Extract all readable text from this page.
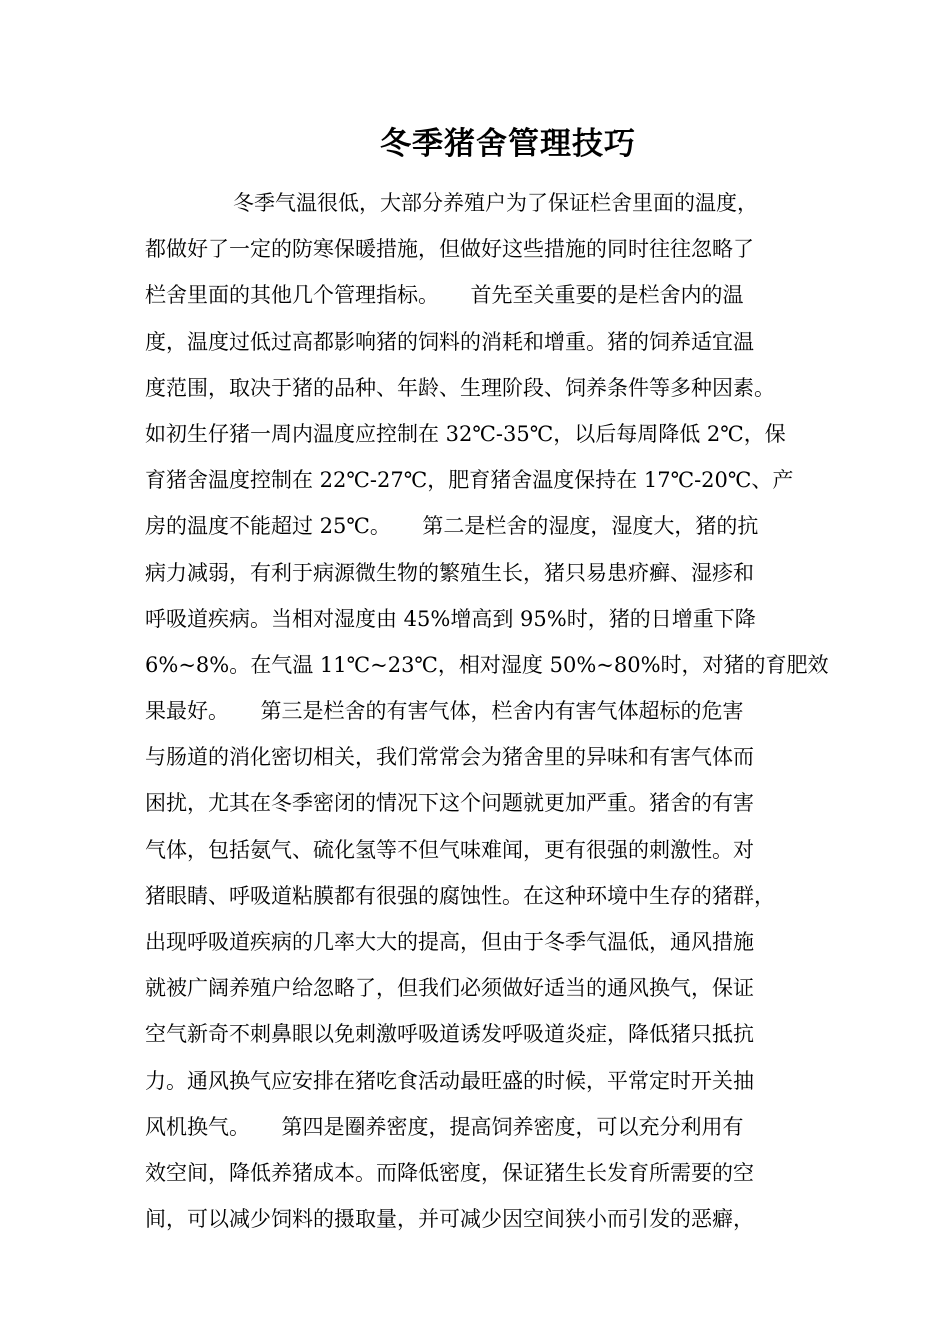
冬季猪舍管理技巧
冬季气温很低，大部分养殖户为了保证栏舍里面的温度，
都做好了一定的防寒保暖措施，但做好这些措施的同时往往忽略了
栏舍里面的其他几个管理指标。　　首先至关重要的是栏舍内的温
度，温度过低过高都影响猪的饲料的消耗和增重。猪的饲养适宜温
度范围，取决于猪的品种、年龄、生理阶段、饲养条件等多种因素。
如初生仔猪一周内温度应控制在 32℃-35℃，以后每周降低 2℃，保
育猪舍温度控制在 22℃-27℃，肥育猪舍温度保持在 17℃-20℃、产
房的温度不能超过 25℃。　　第二是栏舍的湿度，湿度大，猪的抗
病力减弱，有利于病源微生物的繁殖生长，猪只易患疥癣、湿疹和
呼吸道疾病。当相对湿度由 45%增高到 95%时，猪的日增重下降
6%~8%。在气温 11℃~23℃，相对湿度 50%~80%时，对猪的育肥效
果最好。　　第三是栏舍的有害气体，栏舍内有害气体超标的危害
与肠道的消化密切相关，我们常常会为猪舍里的异味和有害气体而
困扰，尤其在冬季密闭的情况下这个问题就更加严重。猪舍的有害
气体，包括氨气、硫化氢等不但气味难闻，更有很强的刺激性。对
猪眼睛、呼吸道粘膜都有很强的腐蚀性。在这种环境中生存的猪群，
出现呼吸道疾病的几率大大的提高，但由于冬季气温低，通风措施
就被广阔养殖户给忽略了，但我们必须做好适当的通风换气，保证
空气新奇不刺鼻眼以免刺激呼吸道诱发呼吸道炎症，降低猪只抵抗
力。通风换气应安排在猪吃食活动最旺盛的时候，平常定时开关抽
风机换气。　　第四是圈养密度，提高饲养密度，可以充分利用有
效空间，降低养猪成本。而降低密度，保证猪生长发育所需要的空
间，可以减少饲料的摄取量，并可减少因空间狭小而引发的恶癖，
